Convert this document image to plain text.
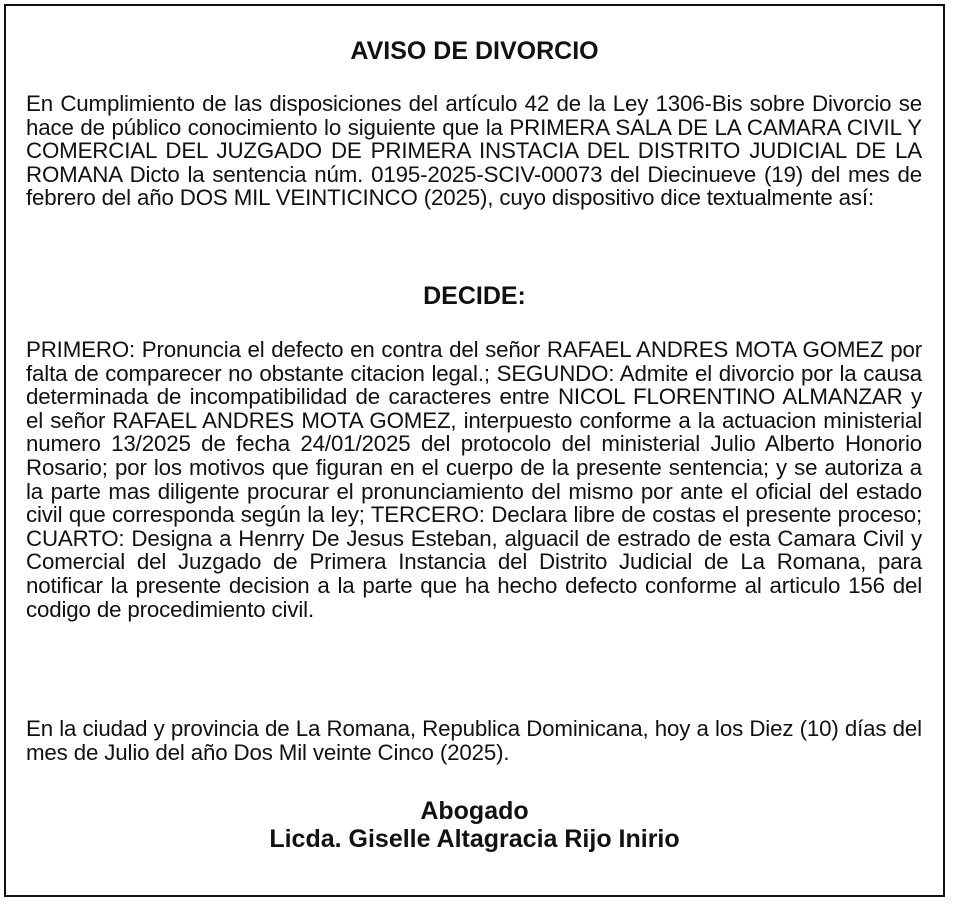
AVISO DE DIVORCIO

En Cumplimiento de las disposiciones del artículo 42 de la Ley 1306-Bis sobre Divorcio se hace de público conocimiento lo siguiente que la PRIMERA SALA DE LA CAMARA CIVIL Y COMERCIAL DEL JUZGADO DE PRIMERA INSTACIA DEL DISTRITO JUDICIAL DE LA ROMANA Dicto la sentencia núm. 0195-2025-SCIV-00073 del Diecinueve (19) del mes de febrero del año DOS MIL VEINTICINCO (2025), cuyo dispositivo dice textualmente así:

DECIDE:

PRIMERO: Pronuncia el defecto en contra del señor RAFAEL ANDRES MOTA GOMEZ por falta de comparecer no obstante citacion legal.; SEGUNDO: Admite el divorcio por la causa determinada de incompatibilidad de caracteres entre NICOL FLORENTINO ALMANZAR y el señor RAFAEL ANDRES MOTA GOMEZ, interpuesto conforme a la actuacion ministerial numero 13/2025 de fecha 24/01/2025 del protocolo del ministerial Julio Alberto Honorio Rosario; por los motivos que figuran en el cuerpo de la presente sentencia; y se autoriza a la parte mas diligente procurar el pronunciamiento del mismo por ante el oficial del estado civil que corresponda según la ley; TERCERO: Declara libre de costas el presente proceso; CUARTO: Designa a Henrry De Jesus Esteban, alguacil de estrado de esta Camara Civil y Comercial del Juzgado de Primera Instancia del Distrito Judicial de La Romana, para notificar la presente decision a la parte que ha hecho defecto conforme al articulo 156 del codigo de procedimiento civil.

En la ciudad y provincia de La Romana, Republica Dominicana, hoy a los Diez (10) días del mes de Julio del año Dos Mil veinte Cinco (2025).

Abogado
Licda. Giselle Altagracia Rijo Inirio
